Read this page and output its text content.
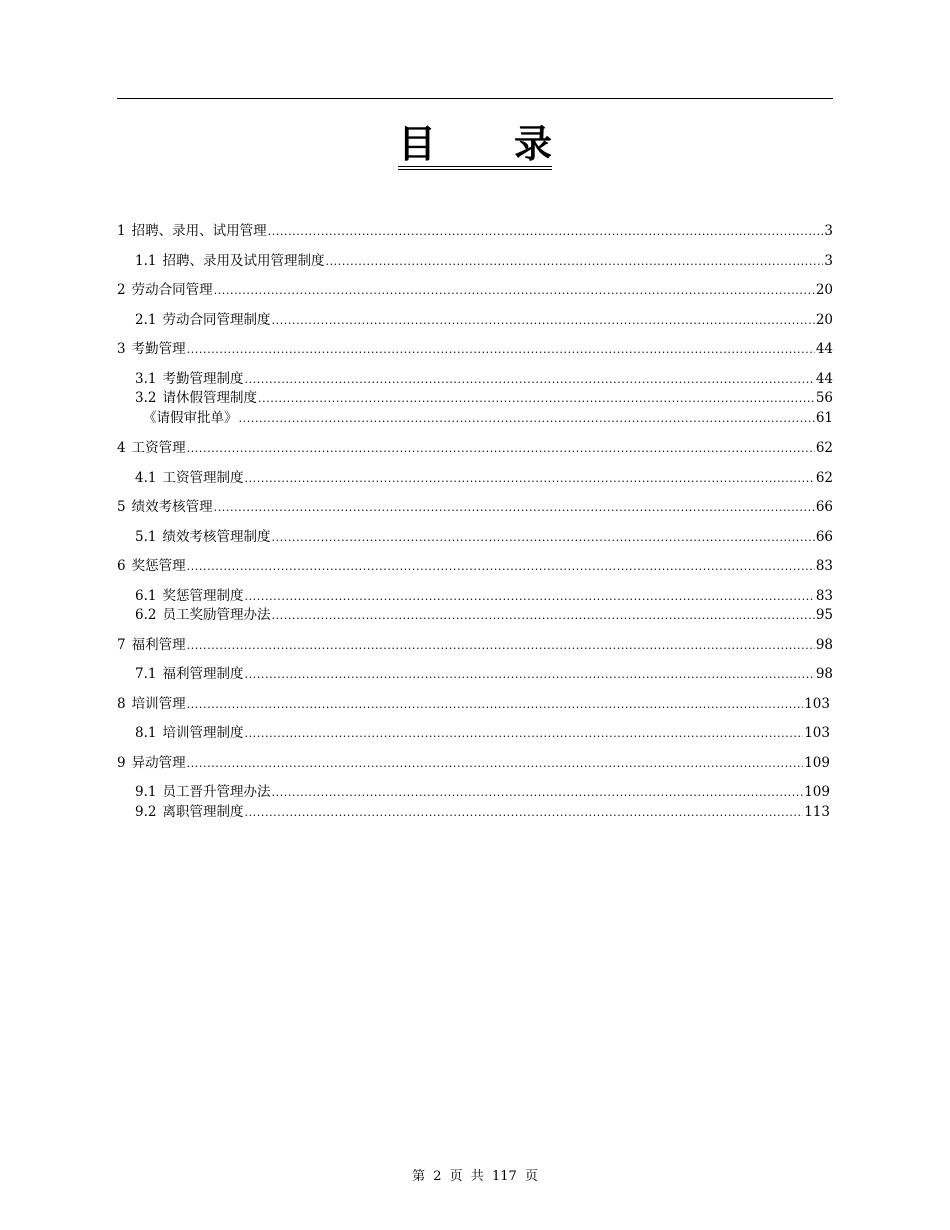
目 录
1 招聘、录用、试用管理 .....	3
1.1 招聘、录用及试用管理制度 .....	3
2 劳动合同管理 .....	20
2.1 劳动合同管理制度 .....	20
3 考勤管理 .....	44
3.1 考勤管理制度 .....	44
3.2 请休假管理制度 .....	56
《请假审批单》 .....	61
4 工资管理 .....	62
4.1 工资管理制度 .....	62
5 绩效考核管理 .....	66
5.1 绩效考核管理制度 .....	66
6 奖惩管理 .....	83
6.1 奖惩管理制度 .....	83
6.2 员工奖励管理办法 .....	95
7 福利管理 .....	98
7.1 福利管理制度 .....	98
8 培训管理 .....	103
8.1 培训管理制度 .....	103
9 异动管理 .....	109
9.1 员工晋升管理办法 .....	109
9.2 离职管理制度 .....	113
第 2 页 共 117 页
